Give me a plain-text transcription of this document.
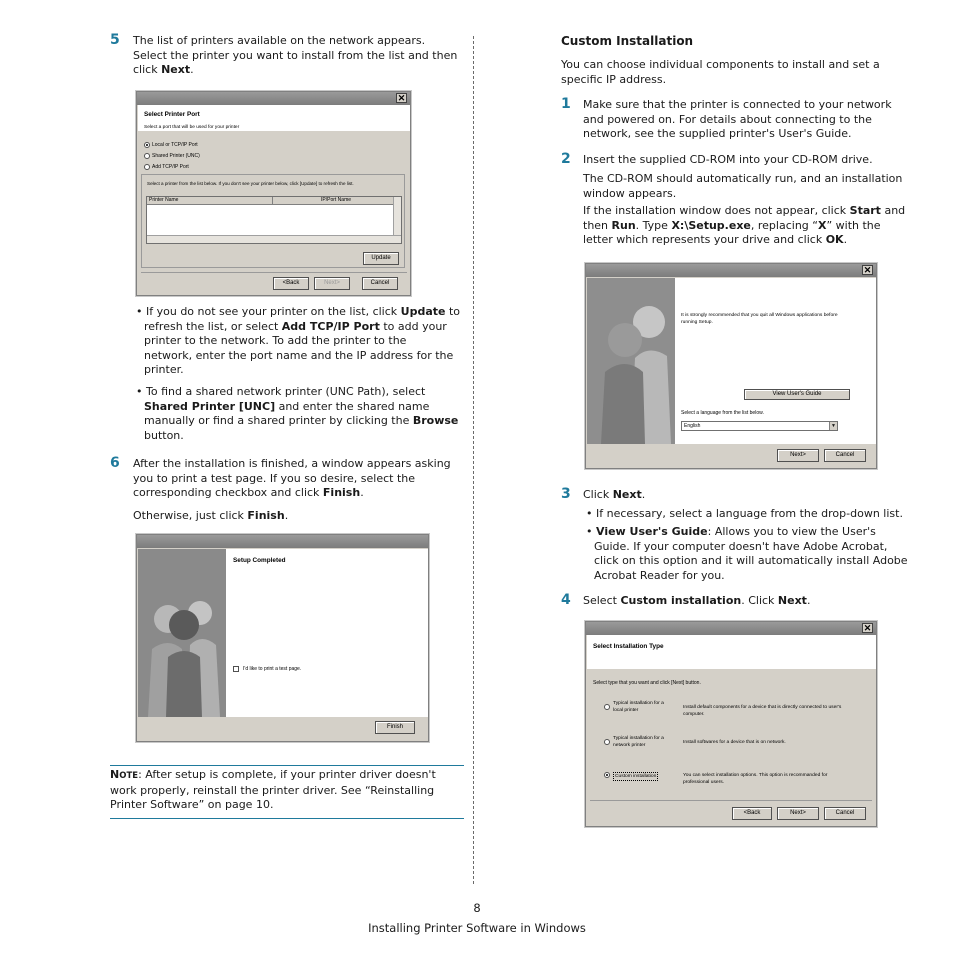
5 The list of printers available on the network appears.
Select the printer you want to install from the list and then
click Next.
✕
Select Printer Port
Select a port that will be used for your printer
Local or TCP/IP Port
Shared Printer (UNC)
Add TCP/IP Port
Select a printer from the list below. If you don't see your printer below, click [Update] to refresh the list.
Printer Name	IP/Port Name
Update
<Back	Next>	Cancel
• If you do not see your printer on the list, click Update to
refresh the list, or select Add TCP/IP Port to add your
printer to the network. To add the printer to the
network, enter the port name and the IP address for the
printer.
• To find a shared network printer (UNC Path), select
Shared Printer [UNC] and enter the shared name
manually or find a shared printer by clicking the Browse
button.
6 After the installation is finished, a window appears asking
you to print a test page. If you so desire, select the
corresponding checkbox and click Finish.
Otherwise, just click Finish.
Setup Completed
I'd like to print a test page.
Finish
NOTE: After setup is complete, if your printer driver doesn't
work properly, reinstall the printer driver. See “Reinstalling
Printer Software” on page 10.
Custom Installation
You can choose individual components to install and set a
specific IP address.
1 Make sure that the printer is connected to your network
and powered on. For details about connecting to the
network, see the supplied printer's User's Guide.
2 Insert the supplied CD-ROM into your CD-ROM drive.
The CD-ROM should automatically run, and an installation
window appears.
If the installation window does not appear, click Start and
then Run. Type X:\Setup.exe, replacing “X” with the
letter which represents your drive and click OK.
✕
It is strongly recommended that you quit all Windows applications before
running Setup.
View User's Guide
Select a language from the list below.
English	▼
Next>	Cancel
3 Click Next.
• If necessary, select a language from the drop-down list.
• View User's Guide: Allows you to view the User's
Guide. If your computer doesn't have Adobe Acrobat,
click on this option and it will automatically install Adobe
Acrobat Reader for you.
4 Select Custom installation. Click Next.
✕
Select Installation Type
Select type that you want and click [Next] button.
Typical installation for a
local printer
Install default components for a device that is directly connected to user's
computer.
Typical installation for a
network printer
Install softwares for a device that is on network.
Custom installation	You can select installation options. This option is recommanded for
professional users.
<Back	Next>	Cancel
8
Installing Printer Software in Windows
